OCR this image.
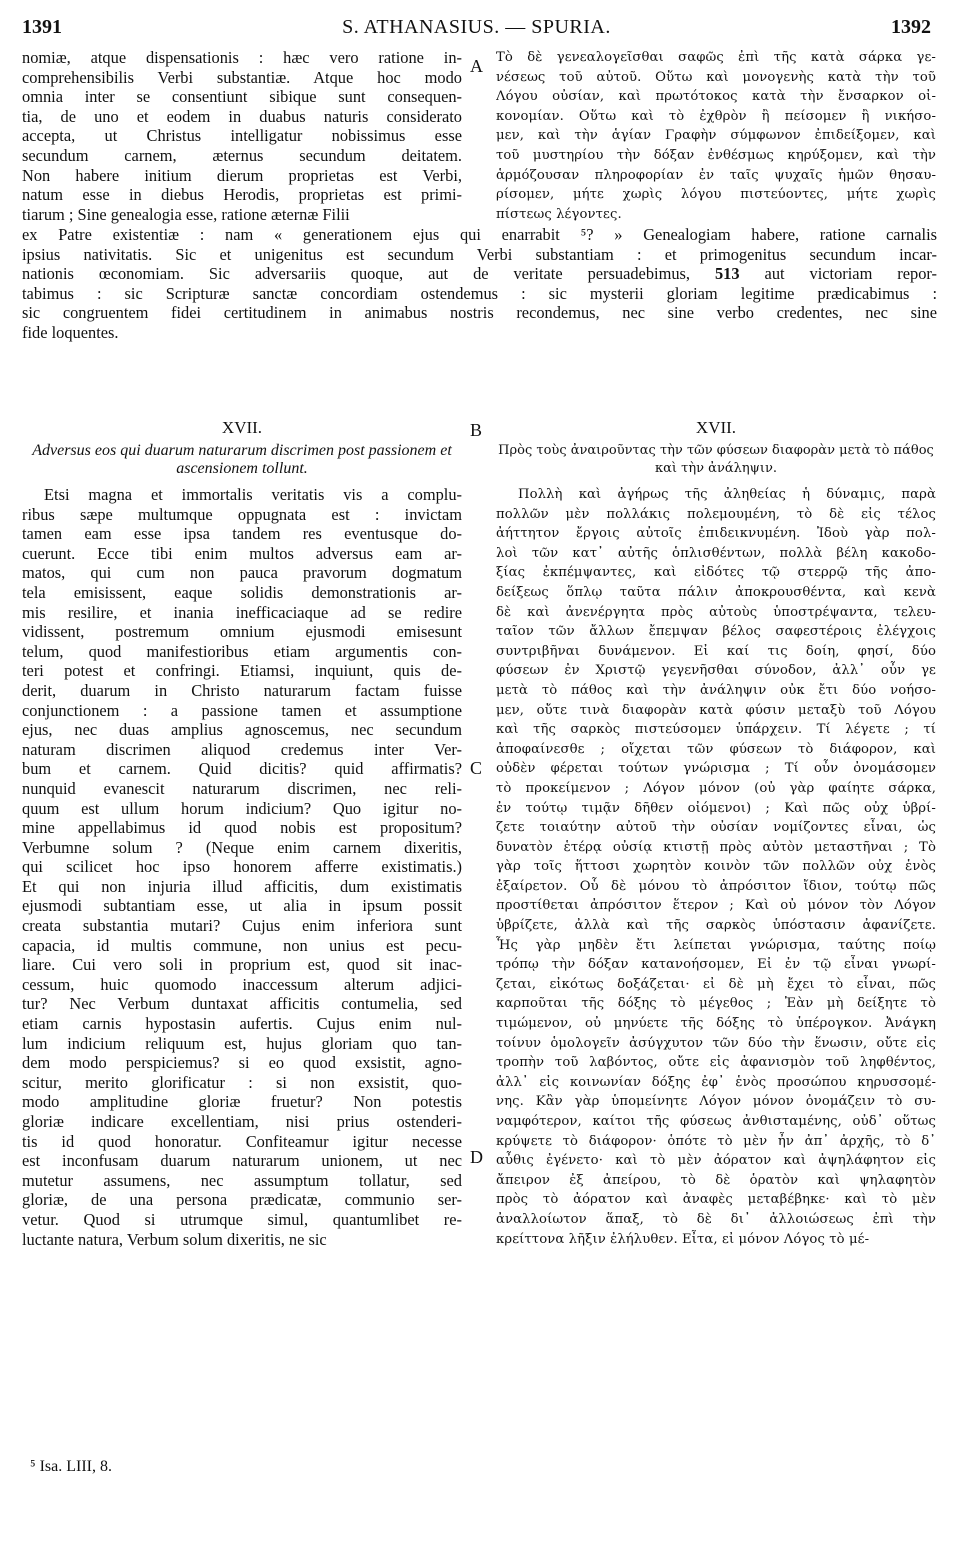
1391	S. ATHANASIUS. — SPURIA.	1392
nomiæ, atque dispensationis : hæc vero ratione in-
comprehensibilis Verbi substantiæ. Atque hoc modo
omnia inter se consentiunt sibique sunt consequen-
tia, de uno et eodem in duabus naturis considerato
accepta, ut Christus intelligatur nobissimus esse
secundum carnem, æternus secundum deitatem.
Non habere initium dierum proprietas est Verbi,
natum esse in diebus Herodis, proprietas est primi-
tiarum ; Sine genealogia esse, ratione æternæ Filii
Τὸ δὲ γενεαλογεῖσθαι σαφῶς ἐπὶ τῆς κατὰ σάρκα γε-
νέσεως τοῦ αὐτοῦ. Οὕτω καὶ μονογενὴς κατὰ τὴν τοῦ
Λόγου οὐσίαν, καὶ πρωτότοκος κατὰ τὴν ἔνσαρκον οἰ-
κονομίαν. Οὕτω καὶ τὸ ἐχθρὸν ἢ πείσομεν ἢ νικήσο-
μεν, καὶ τὴν ἁγίαν Γραφὴν σύμφωνον ἐπιδείξομεν, καὶ
τοῦ μυστηρίου τὴν δόξαν ἐνθέσμως κηρύξομεν, καὶ τὴν
ἁρμόζουσαν πληροφορίαν ἐν ταῖς ψυχαῖς ἡμῶν θησαυ-
ρίσομεν, μήτε χωρὶς λόγου πιστεύοντες, μήτε χωρὶς
πίστεως λέγοντες.
A
ex Patre existentiæ : nam « generationem ejus qui enarrabit ⁵? » Genealogiam habere, ratione carnalis
ipsius nativitatis. Sic et unigenitus est secundum Verbi substantiam : et primogenitus secundum incar-
nationis œconomiam. Sic adversariis quoque, aut de veritate persuadebimus, 513 aut victoriam repor-
tabimus : sic Scripturæ sanctæ concordiam ostendemus : sic mysterii gloriam legitime prædicabimus :
sic congruentem fidei certitudinem in animabus nostris recondemus, nec sine verbo credentes, nec sine
fide loquentes.
XVII.	XVII.
B
Adversus eos qui duarum naturarum discrimen post passionem et ascensionem tollunt.
Πρὸς τοὺς ἀναιροῦντας τὴν τῶν φύσεων διαφορὰν μετὰ τὸ πάθος καὶ τὴν ἀνάληψιν.
Etsi magna et immortalis veritatis vis a complu-
ribus sæpe multumque oppugnata est : invictam
tamen eam esse ipsa tandem res eventusque do-
cuerunt. Ecce tibi enim multos adversus eam ar-
matos, qui cum non pauca pravorum dogmatum
tela emisissent, eaque solidis demonstrationis ar-
mis resilire, et inania inefficaciaque ad se redire
vidissent, postremum omnium ejusmodi emisesunt
telum, quod manifestioribus etiam argumentis con-
teri potest et confringi. Etiamsi, inquiunt, quis de-
derit, duarum in Christo naturarum factam fuisse
conjunctionem : a passione tamen et assumptione
ejus, nec duas amplius agnoscemus, nec secundum
naturam discrimen aliquod credemus inter Ver-
bum et carnem. Quid dicitis? quid affirmatis?
nunquid evanescit naturarum discrimen, nec reli-
quum est ullum horum indicium? Quo igitur no-
mine appellabimus id quod nobis est propositum?
Verbumne solum ? (Neque enim carnem dixeritis,
qui scilicet hoc ipso honorem afferre existimatis.)
Et qui non injuria illud afficitis, dum existimatis
ejusmodi subtantiam esse, ut alia in ipsum possit
creata substantia mutari? Cujus enim inferiora sunt
capacia, id multis commune, non unius est pecu-
liare. Cui vero soli in proprium est, quod sit inac-
cessum, huic quomodo inaccessum alterum adjici-
tur? Nec Verbum duntaxat afficitis contumelia, sed
etiam carnis hypostasin aufertis. Cujus enim nul-
lum indicium reliquum est, hujus gloriam quo tan-
dem modo perspiciemus? si eo quod exsistit, agno-
scitur, merito glorificatur : si non exsistit, quo-
modo amplitudine gloriæ fruetur? Non potestis
gloriæ indicare excellentiam, nisi prius ostenderi-
tis id quod honoratur. Confiteamur igitur necesse
est inconfusam duarum naturarum unionem, ut nec
mutetur assumens, nec assumptum tollatur, sed
gloriæ, de una persona prædicatæ, communio ser-
vetur. Quod si utrumque simul, quantumlibet re-
luctante natura, Verbum solum dixeritis, ne sic
Πολλὴ καὶ ἀγήρως τῆς ἀληθείας ἡ δύναμις, παρὰ
πολλῶν μὲν πολλάκις πολεμουμένη, τὸ δὲ εἰς τέλος
ἀήττητον ἔργοις αὐτοῖς ἐπιδεικνυμένη. Ἰδοὺ γὰρ πολ-
λοὶ τῶν κατ᾽ αὐτῆς ὁπλισθέντων, πολλὰ βέλη κακοδο-
ξίας ἐκπέμψαντες, καὶ εἰδότες τῷ στερρῷ τῆς ἀπο-
δείξεως ὅπλῳ ταῦτα πάλιν ἀποκρουσθέντα, καὶ κενὰ
δὲ καὶ ἀνενέργητα πρὸς αὐτοὺς ὑποστρέψαντα, τελευ-
ταῖον τῶν ἄλλων ἔπεμψαν βέλος σαφεστέροις ἐλέγχοις
συντριβῆναι δυνάμενον. Εἰ καί τις δοίη, φησί, δύο
φύσεων ἐν Χριστῷ γεγενῆσθαι σύνοδον, ἀλλ᾽ οὖν γε
μετὰ τὸ πάθος καὶ τὴν ἀνάληψιν οὐκ ἔτι δύο νοήσο-
μεν, οὔτε τινὰ διαφορὰν κατὰ φύσιν μεταξὺ τοῦ Λόγου
καὶ τῆς σαρκὸς πιστεύσομεν ὑπάρχειν. Τί λέγετε ; τί
ἀποφαίνεσθε ; οἴχεται τῶν φύσεων τὸ διάφορον, καὶ
οὐδὲν φέρεται τούτων γνώρισμα ; Τί οὖν ὀνομάσομεν
τὸ προκείμενον ; Λόγον μόνον (οὐ γὰρ φαίητε σάρκα,
ἐν τούτῳ τιμᾷν δῆθεν οἰόμενοι) ; Καὶ πῶς οὐχ ὑβρί-
ζετε τοιαύτην αὐτοῦ τὴν οὐσίαν νομίζοντες εἶναι, ὡς
δυνατὸν ἑτέρᾳ οὐσίᾳ κτιστῇ πρὸς αὐτὸν μεταστῆναι ; Τὸ
γὰρ τοῖς ἥττοσι χωρητὸν κοινὸν τῶν πολλῶν οὐχ ἑνὸς
ἐξαίρετον. Οὗ δὲ μόνου τὸ ἀπρόσιτον ἴδιον, τούτῳ πῶς
προστίθεται ἀπρόσιτον ἕτερον ; Καὶ οὐ μόνον τὸν Λόγον
ὑβρίζετε, ἀλλὰ καὶ τῆς σαρκὸς ὑπόστασιν ἀφανίζετε.
Ἧς γὰρ μηδὲν ἔτι λείπεται γνώρισμα, ταύτης ποίῳ
τρόπῳ τὴν δόξαν κατανοήσομεν, Εἰ ἐν τῷ εἶναι γνωρί-
ζεται, εἰκότως δοξάζεται· εἰ δὲ μὴ ἔχει τὸ εἶναι, πῶς
καρποῦται τῆς δόξης τὸ μέγεθος ; Ἐὰν μὴ δείξητε τὸ
τιμώμενον, οὐ μηνύετε τῆς δόξης τὸ ὑπέρογκον. Ἀνάγκη
τοίνυν ὁμολογεῖν ἀσύγχυτον τῶν δύο τὴν ἕνωσιν, οὔτε εἰς
τροπὴν τοῦ λαβόντος, οὔτε εἰς ἀφανισμὸν τοῦ ληφθέντος,
ἀλλ᾽ εἰς κοινωνίαν δόξης ἐφ᾽ ἑνὸς προσώπου κηρυσσομέ-
νης. Κἂν γὰρ ὑπομείνητε Λόγον μόνον ὀνομάζειν τὸ συ-
ναμφότερον, καίτοι τῆς φύσεως ἀνθισταμένης, οὐδ᾽ οὕτως
κρύψετε τὸ διάφορον· ὁπότε τὸ μὲν ἦν ἀπ᾽ ἀρχῆς, τὸ δ᾽
αὖθις ἐγένετο· καὶ τὸ μὲν ἀόρατον καὶ ἀψηλάφητον εἰς
ἄπειρον ἐξ ἀπείρου, τὸ δὲ ὁρατὸν καὶ ψηλαφητὸν
πρὸς τὸ ἀόρατον καὶ ἀναφὲς μεταβέβηκε· καὶ τὸ μὲν
ἀναλλοίωτον ἅπαξ, τὸ δὲ δι᾽ ἀλλοιώσεως ἐπὶ τὴν
κρείττονα λῆξιν ἐλήλυθεν. Εἶτα, εἰ μόνον Λόγος τὸ μέ-
C
D
⁵ Isa. LIII, 8.
